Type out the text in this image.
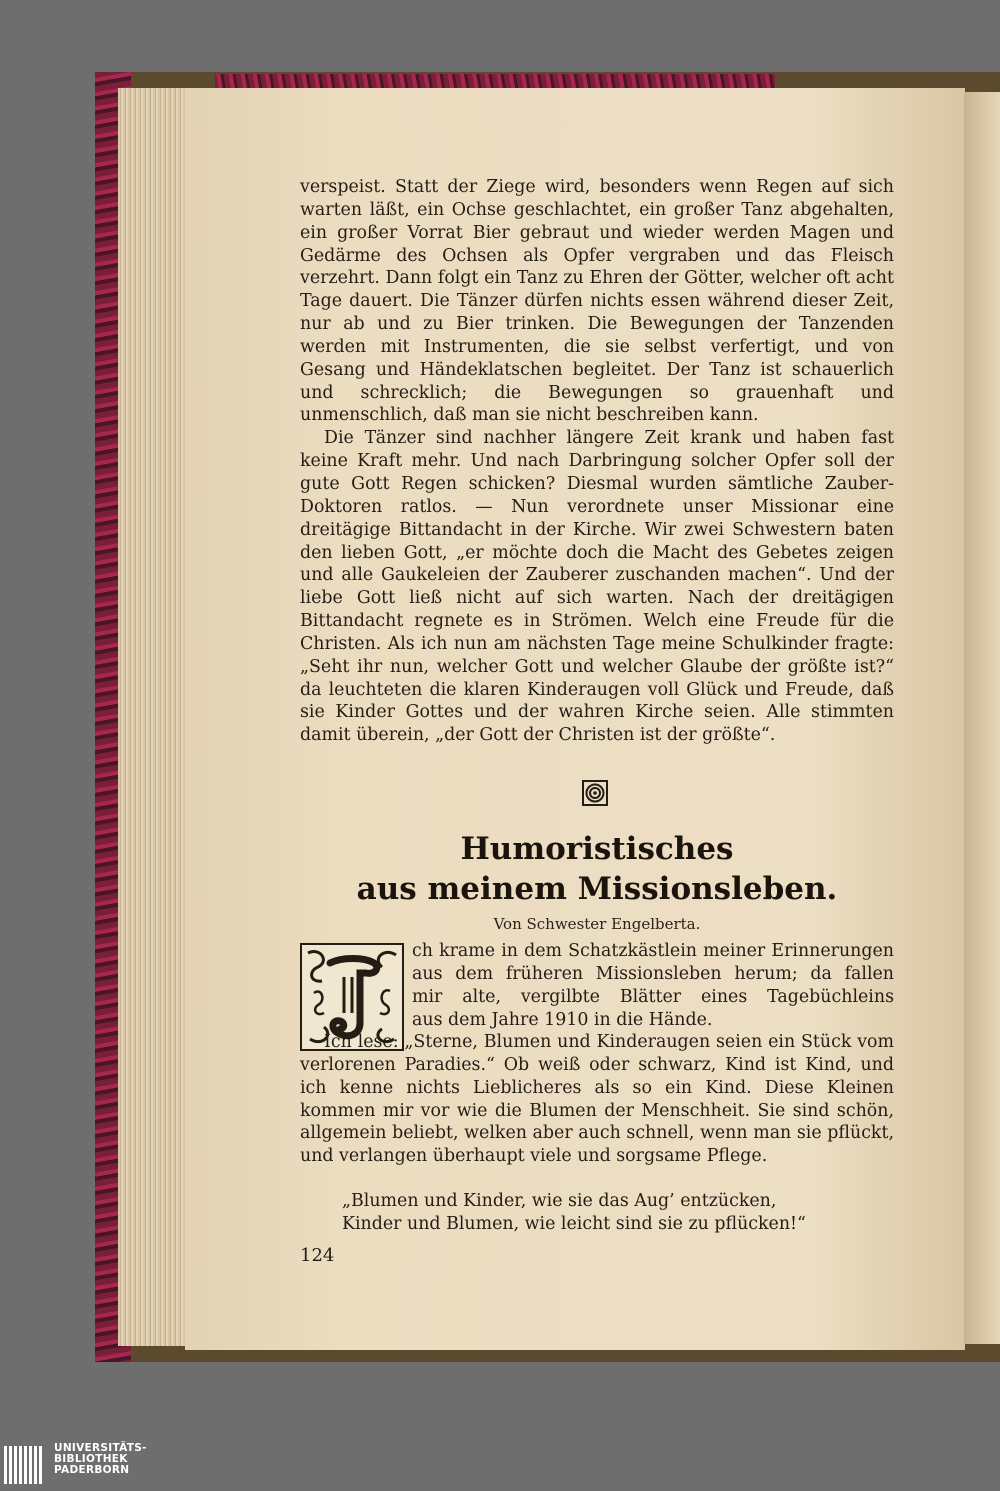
verspeist. Statt der Ziege wird, besonders wenn Regen auf sich warten läßt, ein Ochse geschlachtet, ein großer Tanz abgehalten, ein großer Vorrat Bier gebraut und wieder werden Magen und Gedärme des Ochsen als Opfer vergraben und das Fleisch verzehrt. Dann folgt ein Tanz zu Ehren der Götter, welcher oft acht Tage dauert. Die Tänzer dürfen nichts essen während dieser Zeit, nur ab und zu Bier trinken. Die Bewegungen der Tanzenden werden mit Instrumenten, die sie selbst verfertigt, und von Gesang und Händeklatschen begleitet. Der Tanz ist schauerlich und schrecklich; die Bewegungen so grauenhaft und unmenschlich, daß man sie nicht beschreiben kann.

Die Tänzer sind nachher längere Zeit krank und haben fast keine Kraft mehr. Und nach Darbringung solcher Opfer soll der gute Gott Regen schicken? Diesmal wurden sämtliche Zauber-Doktoren ratlos. — Nun verordnete unser Missionar eine dreitägige Bittandacht in der Kirche. Wir zwei Schwestern baten den lieben Gott, „er möchte doch die Macht des Gebetes zeigen und alle Gaukeleien der Zauberer zuschanden machen“. Und der liebe Gott ließ nicht auf sich warten. Nach der dreitägigen Bittandacht regnete es in Strömen. Welch eine Freude für die Christen. Als ich nun am nächsten Tage meine Schulkinder fragte: „Seht ihr nun, welcher Gott und welcher Glaube der größte ist?“ da leuchteten die klaren Kinderaugen voll Glück und Freude, daß sie Kinder Gottes und der wahren Kirche seien. Alle stimmten damit überein, „der Gott der Christen ist der größte“.

Humoristisches
aus meinem Missionsleben.
Von Schwester Engelberta.
ch krame in dem Schatzkästlein meiner Erinnerungen
aus dem früheren Missionsleben herum; da fallen
mir alte, vergilbte Blätter eines Tagebüchleins
aus dem Jahre 1910 in die Hände.

Ich lese: „Sterne, Blumen und Kinderaugen seien ein Stück vom verlorenen Paradies.“ Ob weiß oder schwarz, Kind ist Kind, und ich kenne nichts Lieblicheres als so ein Kind. Diese Kleinen kommen mir vor wie die Blumen der Menschheit. Sie sind schön, allgemein beliebt, welken aber auch schnell, wenn man sie pflückt, und verlangen überhaupt viele und sorgsame Pflege.

„Blumen und Kinder, wie sie das Aug’ entzücken,
Kinder und Blumen, wie leicht sind sie zu pflücken!“
124
UNIVERSITÄTS-
BIBLIOTHEK
PADERBORN
